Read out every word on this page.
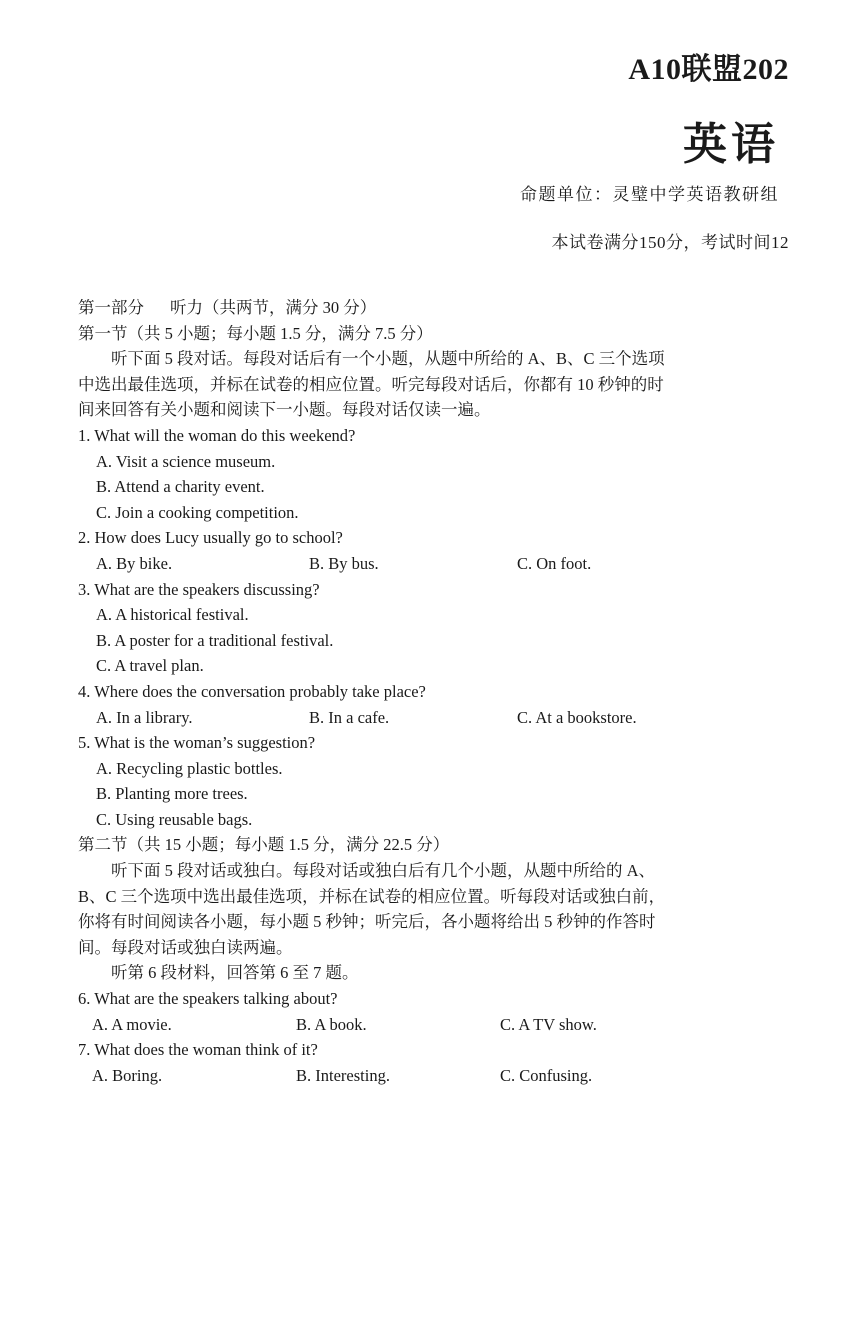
A10联盟202
英语
命题单位：灵璧中学英语教研组
本试卷满分150分，考试时间12
第一部分 听力（共两节，满分 30 分）
第一节（共 5 小题；每小题 1.5 分，满分 7.5 分）
听下面 5 段对话。每段对话后有一个小题，从题中所给的 A、B、C 三个选项
中选出最佳选项，并标在试卷的相应位置。听完每段对话后，你都有 10 秒钟的时
间来回答有关小题和阅读下一小题。每段对话仅读一遍。
1. What will the woman do this weekend?
A. Visit a science museum.
B. Attend a charity event.
C. Join a cooking competition.
2. How does Lucy usually go to school?
A. By bike.	B. By bus.	C. On foot.
3. What are the speakers discussing?
A. A historical festival.
B. A poster for a traditional festival.
C. A travel plan.
4. Where does the conversation probably take place?
A. In a library.	B. In a cafe.	C. At a bookstore.
5. What is the woman’s suggestion?
A. Recycling plastic bottles.
B. Planting more trees.
C. Using reusable bags.
第二节（共 15 小题；每小题 1.5 分，满分 22.5 分）
听下面 5 段对话或独白。每段对话或独白后有几个小题，从题中所给的 A、
B、C 三个选项中选出最佳选项，并标在试卷的相应位置。听每段对话或独白前，
你将有时间阅读各小题，每小题 5 秒钟；听完后，各小题将给出 5 秒钟的作答时
间。每段对话或独白读两遍。
听第 6 段材料，回答第 6 至 7 题。
6. What are the speakers talking about?
A. A movie.	B. A book.	C. A TV show.
7. What does the woman think of it?
A. Boring.	B. Interesting.	C. Confusing.
